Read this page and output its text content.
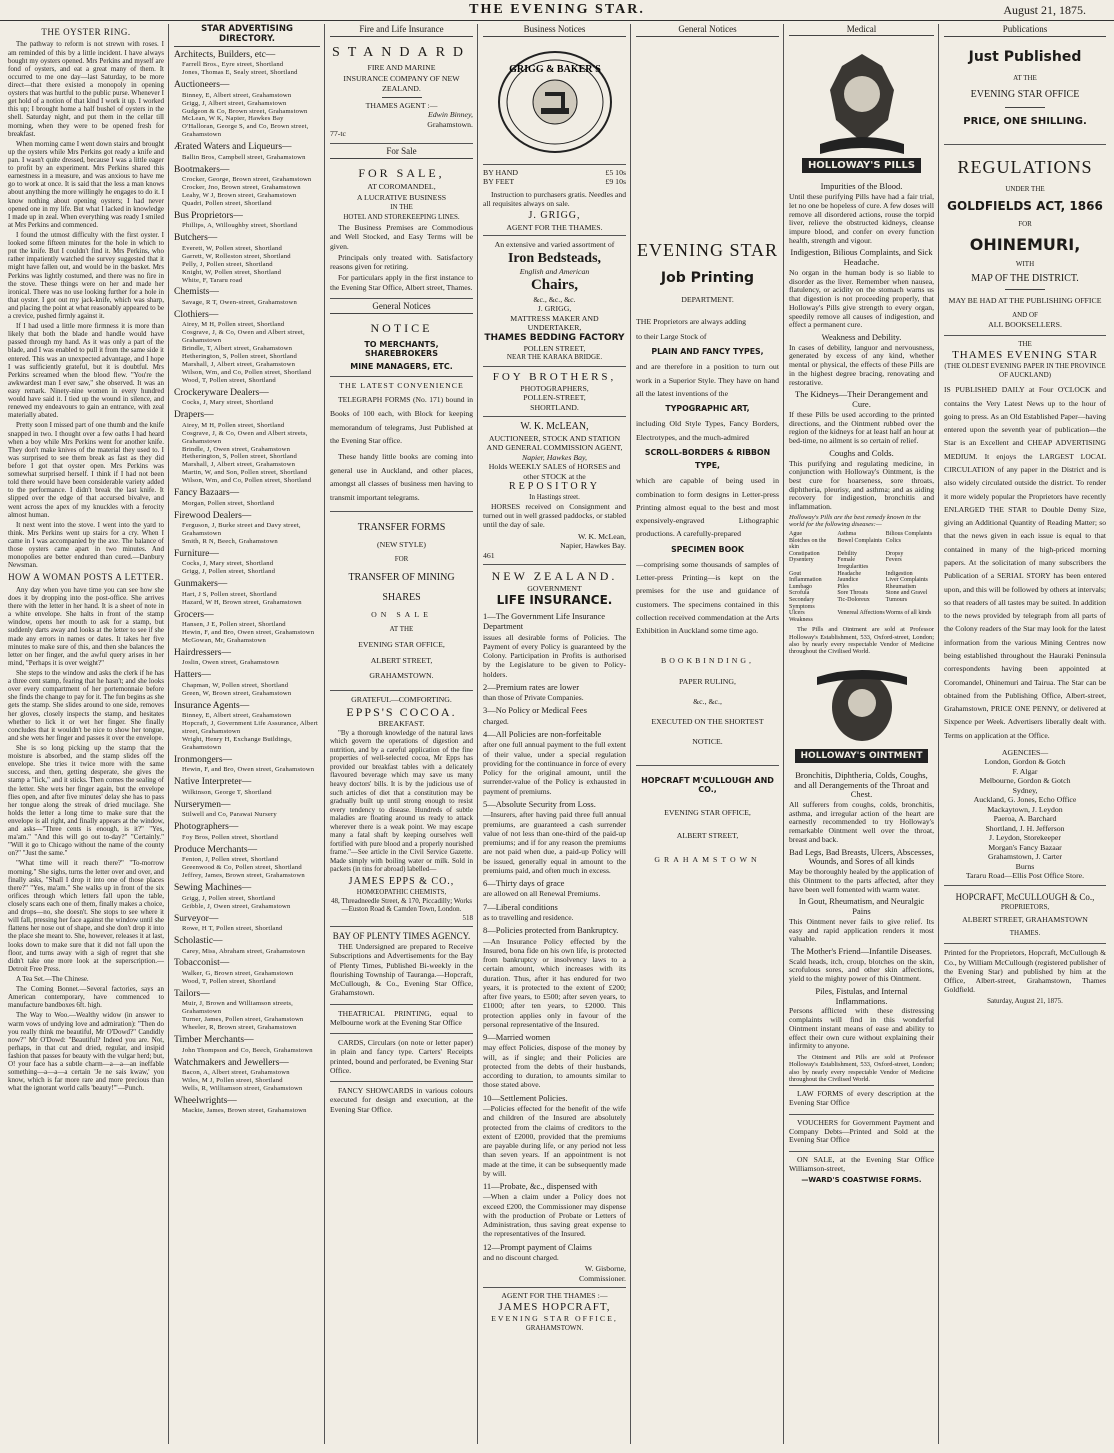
THE EVENING STAR.	August 21, 1875.
THE OYSTER RING.

The pathway to reform is not strewn with roses. I am reminded of this by a little incident. I have always bought my oysters opened. Mrs Perkins and myself are fond of oysters, and eat a great many of them. It occurred to me one day—last Saturday, to be more direct—that there existed a monopoly in opening oysters that was hurtful to the public purse. Whenever I get hold of a notion of that kind I work it up. I worked this up; I brought home a half bushel of oysters in the shell. Saturday night, and put them in the cellar till morning, when they were to be opened fresh for breakfast.

When morning came I went down stairs and brought up the oysters while Mrs Perkins got ready a knife and pan. I wasn't quite dressed, because I was a little eager to profit by an experiment. Mrs Perkins shared this earnestness in a measure, and was anxious to have me go to work at once. It is said that the less a man knows about anything the more willingly he engages to do it. I know nothing about opening oysters; I had never opened one in my life. But what I lacked in knowledge I made up in zeal. When everything was ready I smiled at Mrs Perkins and commenced.

I found the utmost difficulty with the first oyster. I looked some fifteen minutes for the hole in which to put the knife. But I couldn't find it. Mrs Perkins, who rather impatiently watched the survey suggested that it might have fallen out, and would be in the basket. Mrs Perkins was lightly costumed, and there was no fire in the stove. These things were on her and made her ironical. There was no use looking further for a hole in that oyster. I got out my jack-knife, which was sharp, and placing the point at what reasonably appeared to be a crevice, pushed firmly against it.

If I had used a little more firmness it is more than likely that both the blade and handle would have passed through my hand. As it was only a part of the blade, and I was enabled to pull it from the same side it entered. This was an unexpected advantage, and I hope I was sufficiently grateful, but it is doubtful. Mrs Perkins screamed when the blood flew. "You're the awkwardest man I ever saw," she observed. It was an easy remark. Ninety-nine women in every hundred would have said it. I tied up the wound in silence, and renewed my endeavours to gain an entrance, with zeal materially abated.

Pretty soon I missed part of one thumb and the knife snapped in two. I thought over a few oaths I had heard when a boy while Mrs Perkins went for another knife. They don't make knives of the material they used to. I was surprised to see them break as fast as they did before I got that oyster open. Mrs Perkins was somewhat surprised herself. I think if I had not been told there would have been considerable variety added to the performance. I didn't break the last knife. It slipped over the edge of that accursed bivalve, and went across the apex of my knuckles with a ferocity almost human.

It next went into the stove. I went into the yard to think. Mrs Perkins went up stairs for a cry. When I came in I was accompanied by the axe. The balance of those oysters came apart in two minutes. And monopolies are better endured than cured.—Danbury Newsman.

HOW A WOMAN POSTS A LETTER.

Any day when you have time you can see how she does it by dropping into the post-office. She arrives there with the letter in her hand. It is a sheet of note in a white envelope. She halts in front of the stamp window, opens her mouth to ask for a stamp, but suddenly darts away and looks at the letter to see if she made any errors in names or dates. It takes her five minutes to make sure of this, and then she balances the letter on her finger, and the awful query arises in her mind, "Perhaps it is over weight?"

She steps to the window and asks the clerk if he has a three cent stamp, fearing that he hasn't; and she looks over every compartment of her portemonnaie before she finds the change to pay for it. The fun begins as she gets the stamp. She slides around to one side, removes her gloves, closely inspects the stamp, and hesitates whether to lick it or wet her finger. She finally concludes that it wouldn't be nice to show her tongue, and she wets her finger and passes it over the envelope.

She is so long picking up the stamp that the moisture is absorbed, and the stamp slides off the envelope. She tries it twice more with the same success, and then, getting desperate, she gives the stamp a "lick," and it sticks. Then comes the sealing of the letter. She wets her finger again, but the envelope flies open, and after five minutes' delay she has to pass her tongue along the streak of dried mucilage. She holds the letter a long time to make sure that the envelope is all right, and finally appears at the window, and asks—"Three cents is enough, is it?" "Yes, ma'am." "And this will go out to-day?" "Certainly." "Will it go to Chicago without the name of the county on?" "Just the same."

"What time will it reach there?" "To-morrow morning." She sighs, turns the letter over and over, and finally asks, "Shall I drop it into one of those places there?" "Yes, ma'am." She walks up in front of the six orifices through which letters fall upon the table, closely scans each one of them, finally makes a choice, and drops—no, she doesn't. She stops to see where it will fall, pressing her face against the window until she flattens her nose out of shape, and she don't drop it into the place she meant to. She, however, releases it at last, looks down to make sure that it did not fall upon the floor, and turns away with a sigh of regret that she didn't take one more look at the superscription.—Detroit Free Press.

A Tea Set.—The Chinese.

The Coming Bonnet.—Several factories, says an American contemporary, have commenced to manufacture bandboxes 6ft. high.

The Way to Woo.—Wealthy widow (in answer to warm vows of undying love and admiration): "Then do you really think me beautiful, Mr O'Dowd?" Candidly now?" Mr O'Dowd: "Beautiful? Indeed you are. Not, perhaps, in that cut and dried, regular, and insipid fashion that passes for beauty with the vulgar herd; but, O! your face has a subtle charm—a—a—an ineffable something—a—a—a certain 'Je ne sais kwaw,' you know, which is far more rare and more precious than what the ignorant world calls 'beauty!'"—Punch.

STAR ADVERTISING DIRECTORY.
Architects, Builders, etc—
Farrell Bros., Eyre street, Shortland
Jones, Thomas E, Sealy street, Shortland
Auctioneers—
Binney, E, Albert street, Grahamstown
Grigg, J, Albert street, Grahamstown
Gudgeon & Co, Brown street, Grahamstown
McLean, W K, Napier, Hawkes Bay
O'Halloran, George S, and Co, Brown street, Grahamstown
Ærated Waters and Liqueurs—
Ballin Bros, Campbell street, Grahamstown
Bootmakers—
Crocker, George, Brown street, Grahamstown
Crocker, Jno, Brown street, Grahamstown
Leahy, W J, Brown street, Grahamstown
Quadri, Pollen street, Shortland
Bus Proprietors—
Phillips, A, Willoughby street, Shortland
Butchers—
Everett, W, Pollen street, Shortland
Garrett, W, Rolleston street, Shortland
Pelly, J, Pollen street, Shortland
Knight, W, Pollen street, Shortland
White, F, Tararu road
Chemists—
Savage, R T, Owen-street, Grahamstown
Clothiers—
Airey, M H, Pollen street, Shortland
Cosgrave, J, & Co, Owen and Albert street, Grahamstown
Brindle, T, Albert street, Grahamstown
Hetherington, S, Pollen street, Shortland
Marshall, J, Albert street, Grahamstown
Wilson, Wm, and Co, Pollen street, Shortland
Wood, T, Pollen street, Shortland
Crockeryware Dealers—
Cocks, J, Mary street, Shortland
Drapers—
Airey, M H, Pollen street, Shortland
Cosgrave, J, & Co, Owen and Albert streets, Grahamstown
Brindle, J, Owen street, Grahamstown
Hetherington, S, Pollen street, Shortland
Marshall, J, Albert street, Grahamstown
Martin, W, and Son, Pollen street, Shortland
Wilson, Wm, and Co, Pollen street, Shortland
Fancy Bazaars—
Morgan, Pollen street, Shortland
Firewood Dealers—
Ferguson, J, Burke street and Davy street, Grahamstown
Smith, R N, Beech, Grahamstown
Furniture—
Cocks, J, Mary street, Shortland
Grigg, J, Pollen street, Shortland
Gunmakers—
Hart, J S, Pollen street, Shortland
Hazard, W H, Brown street, Grahamstown
Grocers—
Hansen, J E, Pollen street, Shortland
Hewin, F, and Bro, Owen street, Grahamstown
McGowan, Mr, Grahamstown
Hairdressers—
Joslin, Owen street, Grahamstown
Hatters—
Chapman, W, Pollen street, Shortland
Green, W, Brown street, Grahamstown
Insurance Agents—
Binney, E, Albert street, Grahamstown
Hopcraft, J, Government Life Assurance, Albert street, Grahamstown
Wright, Henry H, Exchange Buildings, Grahamstown
Ironmongers—
Hewin, F, and Bro, Owen street, Grahamstown
Native Interpreter—
Wilkinson, George T, Shortland
Nurserymen—
Stilwell and Co, Parawai Nursery
Photographers—
Foy Bros, Pollen street, Shortland
Produce Merchants—
Fenton, J, Pollen street, Shortland
Greenwood & Co, Pollen street, Shortland
Jeffrey, James, Brown street, Grahamstown
Sewing Machines—
Grigg, J, Pollen street, Shortland
Gribble, J, Owen street, Grahamstown
Surveyor—
Rowe, H T, Pollen street, Shortland
Scholastic—
Carey, Miss, Abraham street, Grahamstown
Tobacconist—
Walker, G, Brown street, Grahamstown
Wood, T, Pollen street, Shortland
Tailors—
Muir, J, Brown and Williamson streets, Grahamstown
Turner, James, Pollen street, Grahamstown
Wheeler, R, Brown street, Grahamstown
Timber Merchants—
John Thompson and Co, Beech, Grahamstown
Watchmakers and Jewellers—
Bacon, A, Albert street, Grahamstown
Wiles, M J, Pollen street, Shortland
Wells, R, Williamson street, Grahamstown
Wheelwrights—
Mackie, James, Brown street, Grahamstown
Fire and Life Insurance
STANDARD
FIRE AND MARINE
INSURANCE COMPANY OF NEW
ZEALAND.
THAMES AGENT :—
Edwin Binney,
Grahamstown.
77-tc
For Sale
FOR SALE,
AT COROMANDEL,
A LUCRATIVE BUSINESS
IN THE
HOTEL AND STOREKEEPING LINES.

The Business Premises are Commodious and Well Stocked, and Easy Terms will be given.

Principals only treated with. Satisfactory reasons given for retiring.

For particulars apply in the first instance to the Evening Star Office, Albert street, Thames.

General Notices
NOTICE
TO MERCHANTS, SHAREBROKERS
MINE MANAGERS, ETC.
THE LATEST CONVENIENCE

TELEGRAPH FORMS (No. 171) bound in Books of 100 each, with Block for keeping memorandum of telegrams, Just Published at the Evening Star office.

These handy little books are coming into general use in Auckland, and other places, amongst all classes of business men having to transmit important telegrams.

TRANSFER FORMS
(NEW STYLE)
FOR
TRANSFER OF MINING
SHARES
ON SALE
AT THE
EVENING STAR OFFICE,
ALBERT STREET,
GRAHAMSTOWN.
GRATEFUL—COMFORTING.
EPPS'S COCOA.
BREAKFAST.

"By a thorough knowledge of the natural laws which govern the operations of digestion and nutrition, and by a careful application of the fine properties of well-selected cocoa, Mr Epps has provided our breakfast tables with a delicately flavoured beverage which may save us many heavy doctors' bills. It is by the judicious use of such articles of diet that a constitution may be gradually built up until strong enough to resist every tendency to disease. Hundreds of subtle maladies are floating around us ready to attack wherever there is a weak point. We may escape many a fatal shaft by keeping ourselves well fortified with pure blood and a properly nourished frame."—See article in the Civil Service Gazette. Made simply with boiling water or milk. Sold in packets (in tins for abroad) labelled—

JAMES EPPS & CO.,
HOMŒOPATHIC CHEMISTS,
48, Threadneedle Street, & 170, Piccadilly; Works—Euston Road & Camden Town, London.
518
BAY OF PLENTY TIMES AGENCY.

THE Undersigned are prepared to Receive Subscriptions and Advertisements for the Bay of Plenty Times, Published Bi-weekly in the flourishing Township of Tauranga.—Hopcraft, McCullough, & Co., Evening Star Office, Grahamstown.

THEATRICAL PRINTING, equal to Melbourne work at the Evening Star Office

CARDS, Circulars (on note or letter paper) in plain and fancy type. Carters' Receipts printed, bound and perforated, be Evening Star Office.

FANCY SHOWCARDS in various colours executed for design and execution, at the Evening Star Office.

Business Notices
GRIGG & BAKER'S
BY HAND	£5 10s
BY FEET	£9 10s

Instruction to purchasers gratis. Needles and all requisites always on sale.

J. GRIGG,
AGENT FOR THE THAMES.
An extensive and varied assortment of
Iron Bedsteads,
English and American
Chairs,
&c., &c., &c.
J. GRIGG,
MATTRESS MAKER AND UNDERTAKER,
THAMES BEDDING FACTORY
POLLEN STREET,
NEAR THE KARAKA BRIDGE.
FOY BROTHERS,
PHOTOGRAPHERS,
POLLEN-STREET,
SHORTLAND.
W. K. McLEAN,
AUCTIONEER, STOCK AND STATION AND GENERAL COMMISSION AGENT,
Napier, Hawkes Bay,
Holds WEEKLY SALES of HORSES and other STOCK at the
REPOSITORY
In Hastings street.

HORSES received on Consignment and turned out in well grassed paddocks, or stabled until the day of sale.

W. K. McLean,
Napier, Hawkes Bay.
461
NEW ZEALAND.
GOVERNMENT
LIFE INSURANCE.
1—The Government Life Insurance Department

issues all desirable forms of Policies. The Payment of every Policy is guaranteed by the Colony. Participation in Profits is authorised by the Legislature to be given to Policy-holders.

2—Premium rates are lower

than those of Private Companies.

3—No Policy or Medical Fees

charged.

4—All Policies are non-forfeitable

after one full annual payment to the full extent of their value, under a special regulation providing for the continuance in force of every Policy for the original amount, until the surrender-value of the Policy is exhausted in payment of premiums.

5—Absolute Security from Loss.

—Insurers, after having paid three full annual premiums, are guaranteed a cash surrender value of not less than one-third of the paid-up premiums; and if for any reason the premiums are not paid when due, a paid-up Policy will be issued, generally equal in amount to the premiums paid, and often much in excess.

6—Thirty days of grace

are allowed on all Renewal Premiums.

7—Liberal conditions

as to travelling and residence.

8—Policies protected from Bankruptcy.

—An Insurance Policy effected by the Insured, bona fide on his own life, is protected from bankruptcy or insolvency laws to a certain amount, which increases with its duration. Thus, after it has endured for two years, it is protected to the extent of £200; after five years, to £500; after seven years, to £1000; after ten years, to £2000. This protection applies only in favour of the personal representative of the Insured.

9—Married women

may effect Policies, dispose of the money by will, as if single; and their Policies are protected from the debts of their husbands, according to duration, to amounts similar to those stated above.

10—Settlement Policies.

—Policies effected for the benefit of the wife and children of the Insured are absolutely protected from the claims of creditors to the extent of £2000, provided that the premiums are payable during life, or any period not less than seven years. If an appointment is not made at the time, it can be subsequently made by will.

11—Probate, &c., dispensed with

—When a claim under a Policy does not exceed £200, the Commissioner may dispense with the production of Probate or Letters of Administration, thus saving great expense to the representatives of the Insured.

12—Prompt payment of Claims

and no discount charged.

W. Gisborne,
Commissioner.
AGENT FOR THE THAMES :—
JAMES HOPCRAFT,
EVENING STAR OFFICE,
GRAHAMSTOWN.
General Notices
EVENING STAR
Job Printing
DEPARTMENT.

THE Proprietors are always adding

to their Large Stock of

PLAIN AND FANCY TYPES,

and are therefore in a position to turn out work in a Superior Style. They have on hand all the latest inventions of the

TYPOGRAPHIC ART,

including Old Style Types, Fancy Borders, Electrotypes, and the much-admired

SCROLL-BORDERS & RIBBON TYPE,

which are capable of being used in combination to form designs in Letter-press Printing almost equal to the best and most expensively-engraved Lithographic productions. A carefully-prepared

SPECIMEN BOOK

—comprising some thousands of samples of Letter-press Printing—is kept on the premises for the use and guidance of customers. The specimens contained in this collection received commendation at the Arts Exhibition in Auckland some time ago.

BOOKBINDING,
PAPER RULING,
&c., &c.,
EXECUTED ON THE SHORTEST
NOTICE.
HOPCRAFT M'CULLOUGH AND CO.,
EVENING STAR OFFICE,
ALBERT STREET,
GRAHAMSTOWN
Medical
HOLLOWAY'S PILLS
Impurities of the Blood.

Until these purifying Pills have had a fair trial, let no one be hopeless of cure. A few doses will remove all disordered actions, rouse the torpid liver, relieve the obstructed kidneys, cleanse impure blood, and confer on every function health, strength and vigour.

Indigestion, Bilious Complaints, and Sick Headache.

No organ in the human body is so liable to disorder as the liver. Remember when nausea, flatulency, or acidity on the stomach warns us that digestion is not proceeding properly, that Holloway's Pills give strength to every organ, speedily remove all causes of indigestion, and effect a permanent cure.

Weakness and Debility.

In cases of debility, languor and nervousness, generated by excess of any kind, whether mental or physical, the effects of these Pills are in the highest degree bracing, renovating and restorative.

The Kidneys—Their Derangement and Cure.

If these Pills be used according to the printed directions, and the Ointment rubbed over the region of the kidneys for at least half an hour at bed-time, no ailment is so certain of relief.

Coughs and Colds.

This purifying and regulating medicine, in conjunction with Holloway's Ointment, is the best cure for hoarseness, sore throats, diphtheria, pleurisy, and asthma; and as aiding recovery for indigestion, bronchitis and inflammation.

Holloway's Pills are the best remedy known in the world for the following diseases:—
Ague	Asthma	Bilious Complaints
Blotches on the skin
Bowel Complaints Colics
Constipation	Debility	Dropsy
Dysentery	Female Irregularities
Fevers
Gout	Headache	Indigestion
Inflammation	Jaundice	Liver Complaints
Lumbago	Piles	Rheumatism
Scrofula	Sore Throats	Stone and Gravel
Secondary Symptoms
Tic-Doloreux	Tumours
Ulcers	Venereal Affections Worms of all kinds
Weakness

The Pills and Ointment are sold at Professor Holloway's Establishment, 533, Oxford-street, London; also by nearly every respectable Vendor of Medicine throughout the Civilised World.

HOLLOWAY'S OINTMENT
Bronchitis, Diphtheria, Colds, Coughs, and all Derangements of the Throat and Chest.

All sufferers from coughs, colds, bronchitis, asthma, and irregular action of the heart are earnestly recommended to try Holloway's remarkable Ointment well over the throat, breast and back.

Bad Legs, Bad Breasts, Ulcers, Abscesses, Wounds, and Sores of all kinds

May be thoroughly healed by the application of this Ointment to the parts affected, after they have been well fomented with warm water.

In Gout, Rheumatism, and Neuralgic Pains

This Ointment never fails to give relief. Its easy and rapid application renders it most valuable.

The Mother's Friend—Infantile Diseases.

Scald heads, itch, croup, blotches on the skin, scrofulous sores, and other skin affections, yield to the mighty power of this Ointment.

Piles, Fistulas, and Internal Inflammations.

Persons afflicted with these distressing complaints will find in this wonderful Ointment instant means of ease and ability to effect their own cure without explaining their infirmity to anyone.

The Ointment and Pills are sold at Professor Holloway's Establishment, 533, Oxford-street, London; also by nearly every respectable Vendor of Medicine throughout the Civilised World.

LAW FORMS of every description at the Evening Star Office

VOUCHERS for Government Payment and Company Debts—Printed and Sold at the Evening Star Office

ON SALE, at the Evening Star Office Williamson-street,

—WARD'S COASTWISE FORMS.
Publications
Just Published
AT THE
EVENING STAR OFFICE
PRICE, ONE SHILLING.
REGULATIONS
UNDER THE
GOLDFIELDS ACT, 1866
FOR
OHINEMURI,
WITH
MAP OF THE DISTRICT.
MAY BE HAD AT THE PUBLISHING OFFICE
AND OF
ALL BOOKSELLERS.
THE
THAMES EVENING STAR
(THE OLDEST EVENING PAPER IN THE PROVINCE OF AUCKLAND)

IS PUBLISHED DAILY at Four O'CLOCK and contains the Very Latest News up to the hour of going to press. As an Old Established Paper—having entered upon the seventh year of publication—the Star is an Excellent and CHEAP ADVERTISING MEDIUM. It enjoys the LARGEST LOCAL CIRCULATION of any paper in the District and is also widely circulated outside the district. To render it more widely popular the Proprietors have recently ENLARGED THE STAR to Double Demy Size, giving an Additional Quantity of Reading Matter; so that the news given in each issue is equal to that contained in many of the high-priced morning papers. At the solicitation of many subscribers the Publication of a SERIAL STORY has been entered upon, and this will be followed by others at intervals; so that readers of all tastes may be suited. In addition to the news provided by telegraph from all parts of the Colony readers of the Star may look for the latest information from the various Mining Centres now being established throughout the Hauraki Peninsula correspondents having been appointed at Coromandel, Ohinemuri and Tairua. The Star can be obtained from the Publishing Office, Albert-street, Grahamstown, PRICE ONE PENNY, or delivered at Sixpence per Week. Advertisers liberally dealt with. Terms on application at the Office.

AGENCIES—
London, Gordon & Gotch
F. Algar
Melbourne, Gordon & Gotch
Sydney,
Auckland, G. Jones, Echo Office
Mackaytown, J. Leydon
Paeroa, A. Barchard
Shortland, J. H. Jefferson
J. Leydon, Storekeeper
Morgan's Fancy Bazaar
Grahamstown, J. Carter
Burns
Tararu Road—Ellis Post Office Store.
HOPCRAFT, McCULLOUGH & Co.,
PROPRIETORS,
ALBERT STREET, GRAHAMSTOWN
THAMES.

Printed for the Proprietors, Hopcraft, McCullough & Co., by William McCullough (registered publisher of the Evening Star) and published by him at the Office, Albert-street, Grahamstown, Thames Goldfield.

Saturday, August 21, 1875.
